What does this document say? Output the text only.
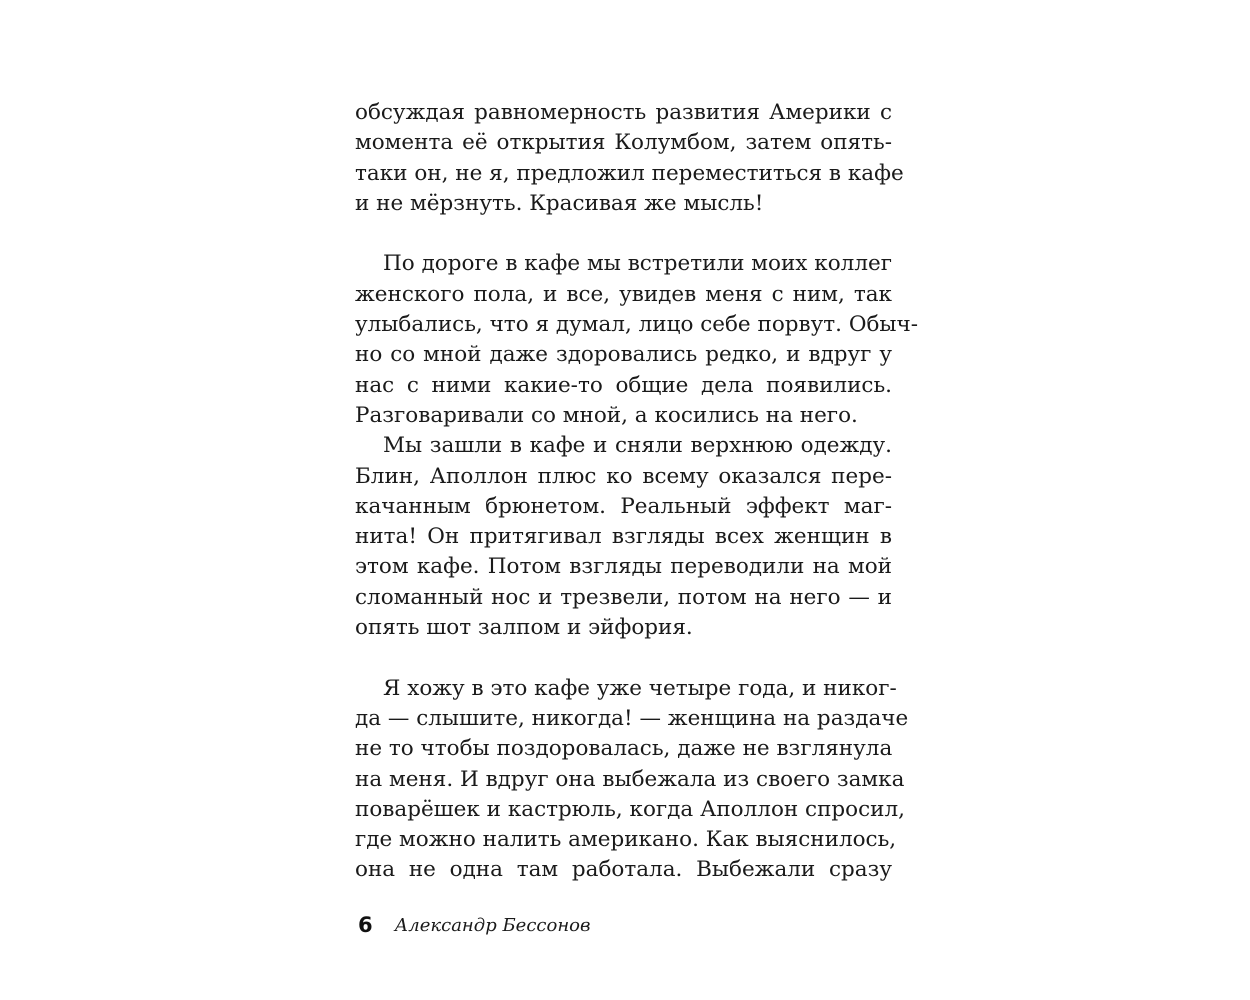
обсуждая равномерность развития Америки с
момента её открытия Колумбом, затем опять-
таки он, не я, предложил переместиться в кафе
и не мёрзнуть. Красивая же мысль!
По дороге в кафе мы встретили моих коллег
женского пола, и все, увидев меня с ним, так
улыбались, что я думал, лицо себе порвут. Обыч-
но со мной даже здоровались редко, и вдруг у
нас с ними какие-то общие дела появились.
Разговаривали со мной, а косились на него.
Мы зашли в кафе и сняли верхнюю одежду.
Блин, Аполлон плюс ко всему оказался пере-
качанным брюнетом. Реальный эффект маг-
нита! Он притягивал взгляды всех женщин в
этом кафе. Потом взгляды переводили на мой
сломанный нос и трезвели, потом на него — и
опять шот залпом и эйфория.
Я хожу в это кафе уже четыре года, и никог-
да — слышите, никогда! — женщина на раздаче
не то чтобы поздоровалась, даже не взглянула
на меня. И вдруг она выбежала из своего замка
поварёшек и кастрюль, когда Аполлон спросил,
где можно налить американо. Как выяснилось,
она не одна там работала. Выбежали сразу
6 Александр Бессонов
